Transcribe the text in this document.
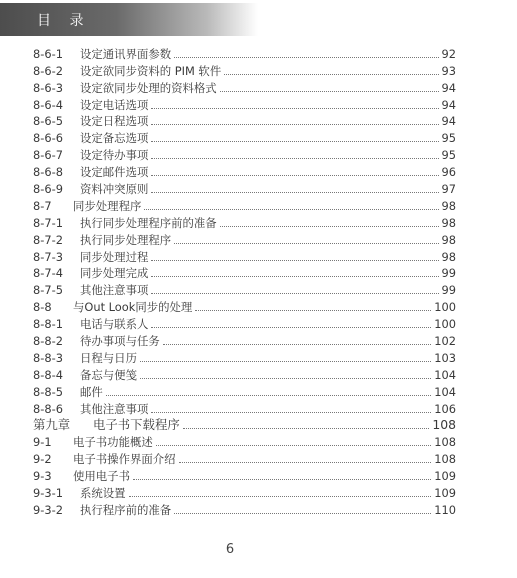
目 录
8-6-1	设定通讯界面参数	92
8-6-2	设定欲同步资料的 PIM 软件	93
8-6-3	设定欲同步处理的资料格式	94
8-6-4	设定电话选项	94
8-6-5	设定日程选项	94
8-6-6	设定备忘选项	95
8-6-7	设定待办事项	95
8-6-8	设定邮件选项	96
8-6-9	资料冲突原则	97
8-7	同步处理程序	98
8-7-1	执行同步处理程序前的准备	98
8-7-2	执行同步处理程序	98
8-7-3	同步处理过程	98
8-7-4	同步处理完成	99
8-7-5	其他注意事项	99
8-8	与Out Look同步的处理	100
8-8-1	电话与联系人	100
8-8-2	待办事项与任务	102
8-8-3	日程与日历	103
8-8-4	备忘与便笺	104
8-8-5	邮件	104
8-8-6	其他注意事项	106
第九章	电子书下载程序	108
9-1	电子书功能概述	108
9-2	电子书操作界面介绍	108
9-3	使用电子书	109
9-3-1	系统设置	109
9-3-2	执行程序前的准备	110
6
